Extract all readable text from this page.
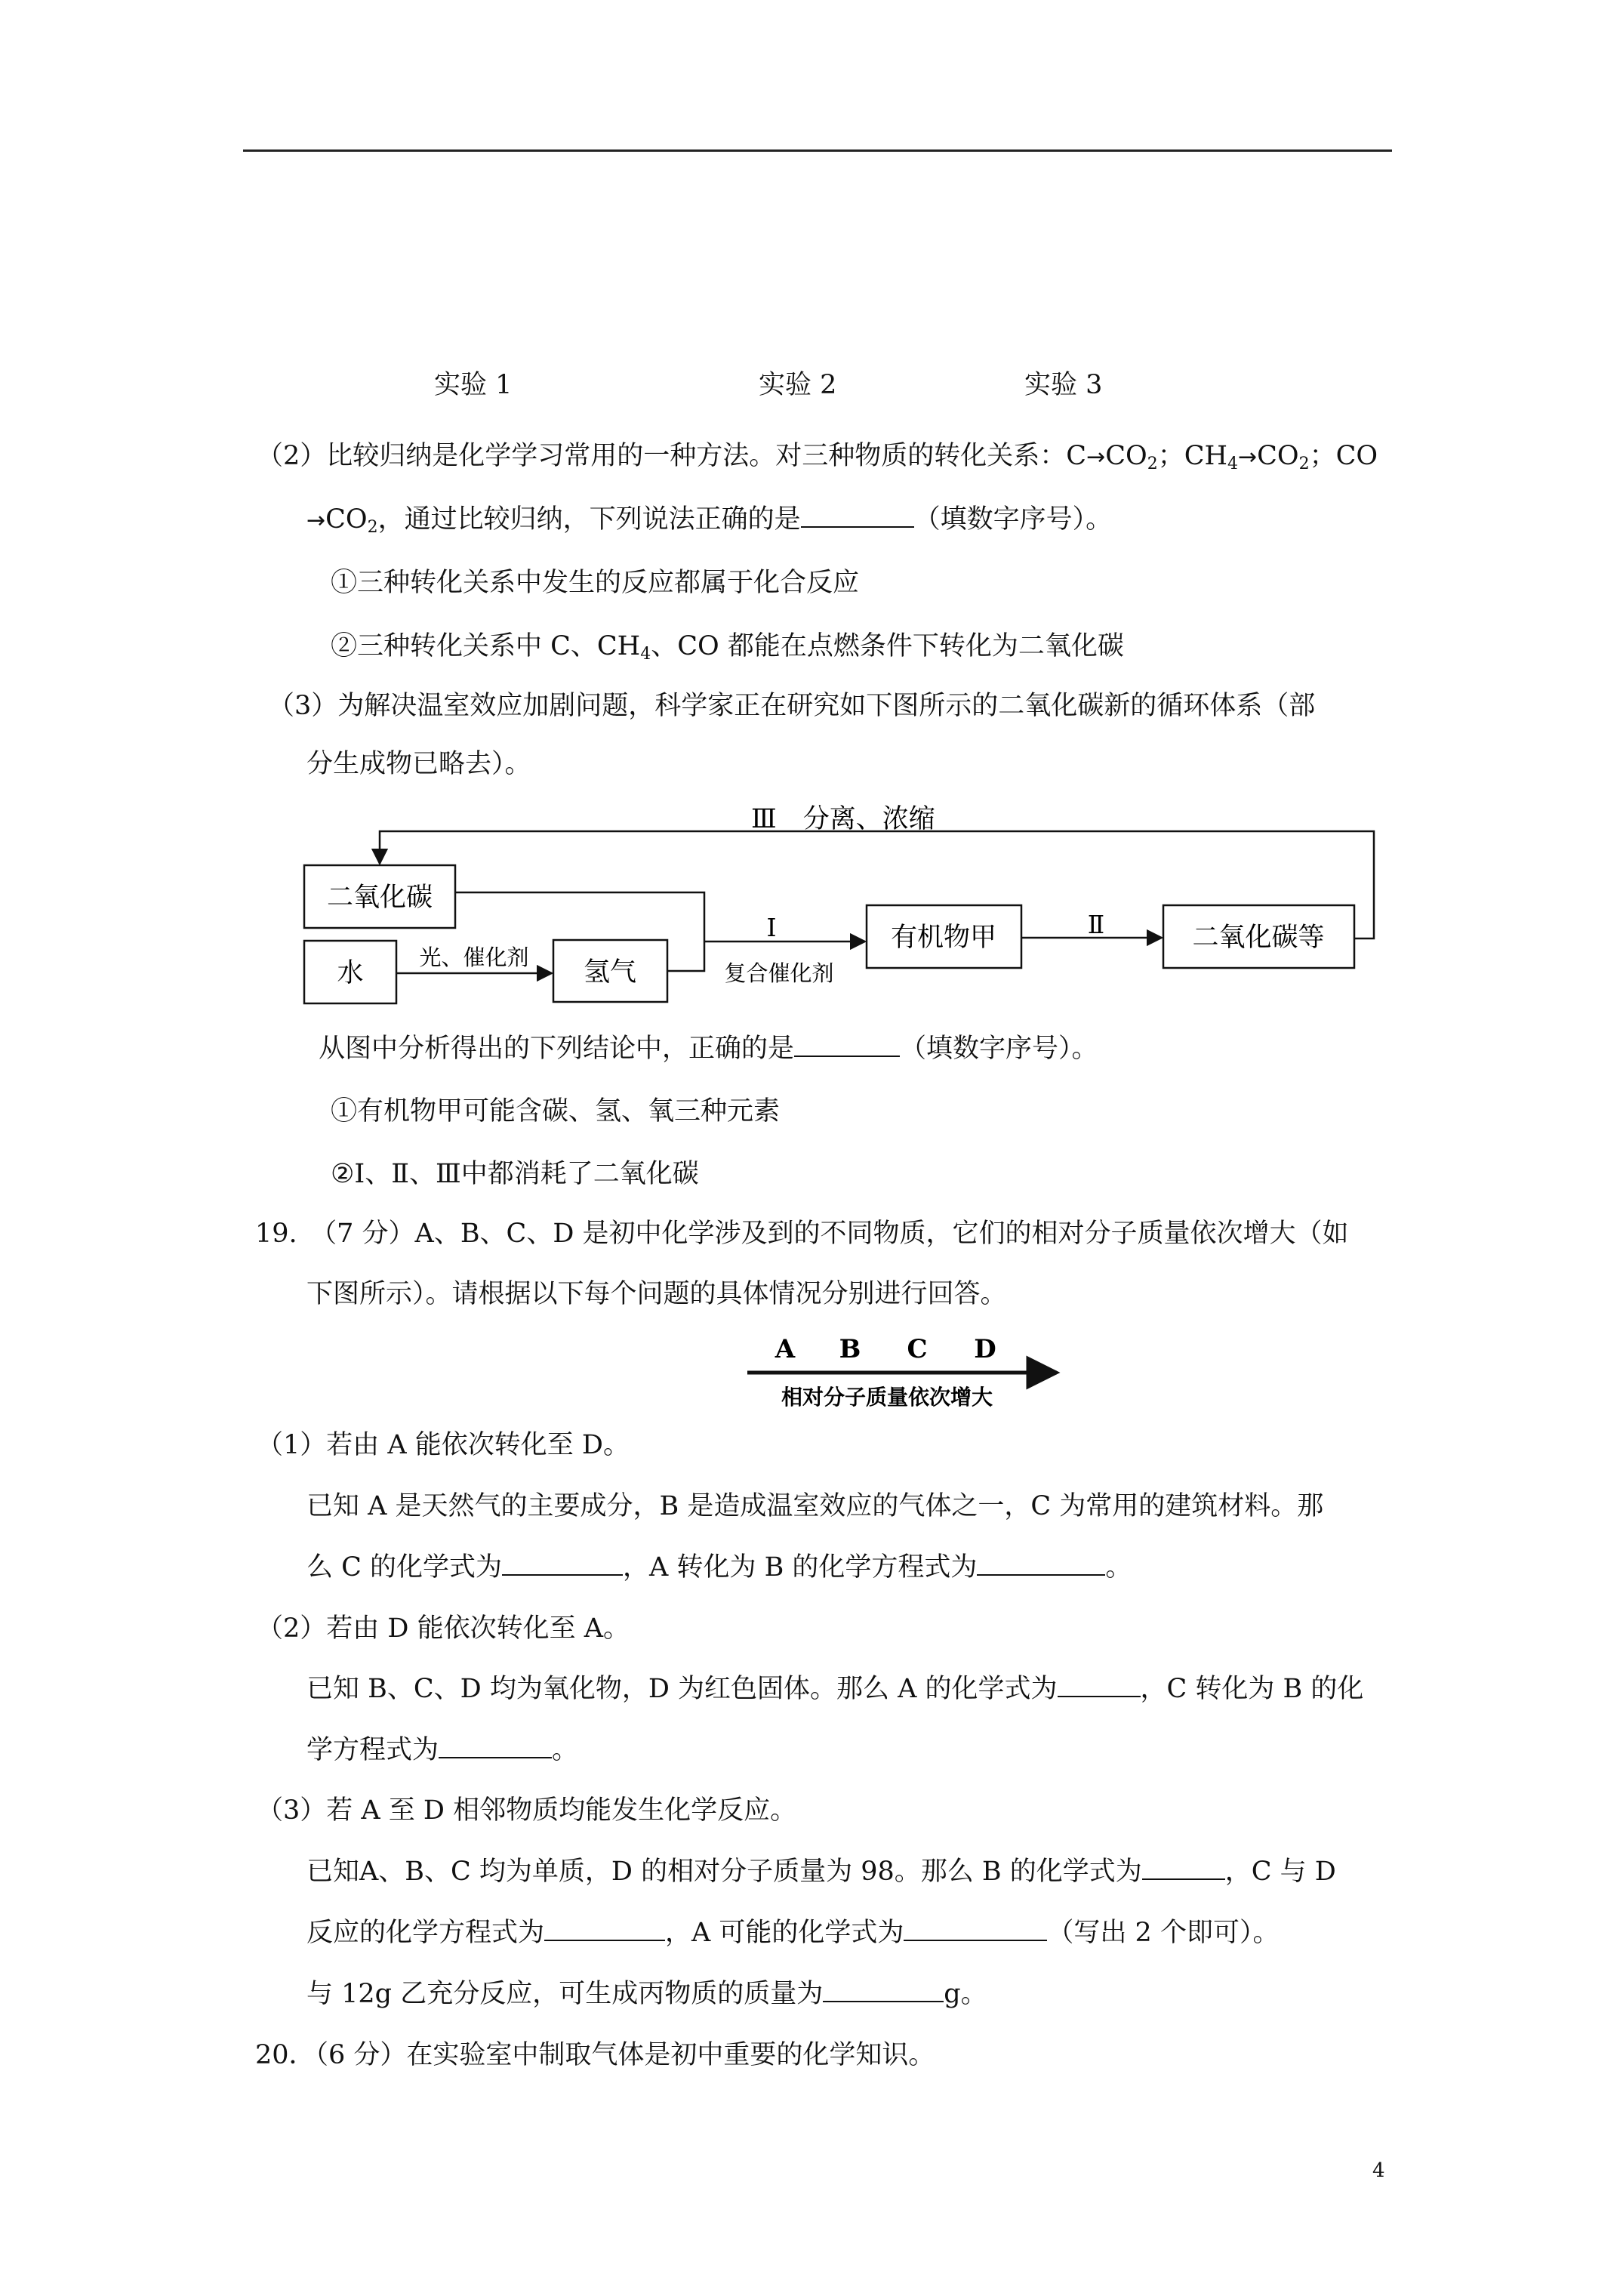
实验 1	实验 2	实验 3
（2）比较归纳是化学学习常用的一种方法。对三种物质的转化关系：$C\to CO_2$；$CH_4\to CO_2$；CO
$\to CO_2$，通过比较归纳，下列说法正确的是	（填数字序号）。
①三种转化关系中发生的反应都属于化合反应
②三种转化关系中 C、$CH_4$、CO 都能在点燃条件下转化为二氧化碳
（3）为解决温室效应加剧问题，科学家正在研究如下图所示的二氧化碳新的循环体系（部
分生成物已略去）。
Ⅲ　分离、浓缩
二氧化碳
水
光、催化剂 氢气
Ⅰ
复合催化剂
有机物甲	Ⅱ	二氧化碳等
A B C D
相对分子质量依次增大
从图中分析得出的下列结论中，正确的是	（填数字序号）。
①有机物甲可能含碳、氢、氧三种元素
②Ⅰ、Ⅱ、Ⅲ中都消耗了二氧化碳
19.　（7 分）A、B、C、D 是初中化学涉及到的不同物质，它们的相对分子质量依次增大（如
下图所示）。请根据以下每个问题的具体情况分别进行回答。
（1）若由 A 能依次转化至 D。
已知 A 是天然气的主要成分，B 是造成温室效应的气体之一，C 为常用的建筑材料。那
么 C 的化学式为	，A 转化为 B 的化学方程式为	。
（2）若由 D 能依次转化至 A。
已知 B、C、D 均为氧化物，D 为红色固体。那么 A 的化学式为	，C 转化为 B 的化
学方程式为	。
（3）若 A 至 D 相邻物质均能发生化学反应。
已知A、B、C 均为单质，D 的相对分子质量为 98。那么 B 的化学式为	，C 与 D
反应的化学方程式为	，A 可能的化学式为	（写出 2 个即可）。
与 12g 乙充分反应，可生成丙物质的质量为	g。
20．（6 分）在实验室中制取气体是初中重要的化学知识。
4
